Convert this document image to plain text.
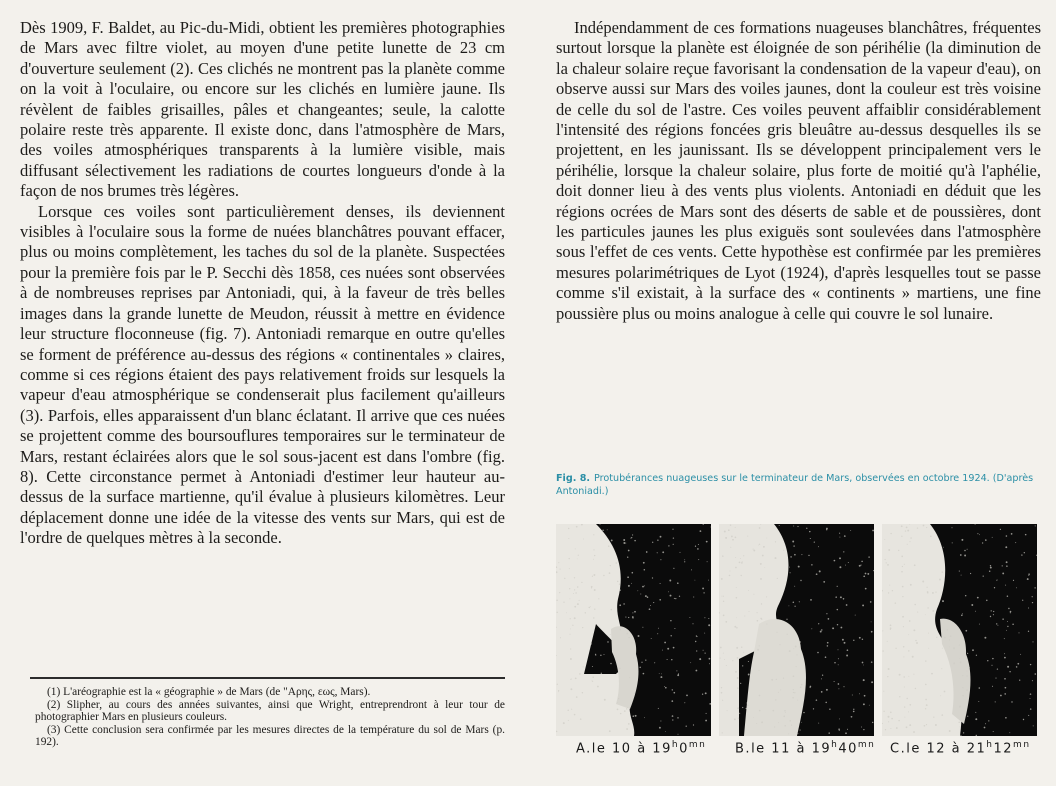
Dès 1909, F. Baldet, au Pic-du-Midi, obtient les premières photographies de Mars avec filtre violet, au moyen d'une petite lunette de 23 cm d'ouverture seulement (2). Ces clichés ne montrent pas la planète comme on la voit à l'oculaire, ou encore sur les clichés en lumière jaune. Ils révèlent de faibles grisailles, pâles et changeantes; seule, la calotte polaire reste très apparente. Il existe donc, dans l'atmosphère de Mars, des voiles atmosphériques transparents à la lumière visible, mais diffusant sélectivement les radiations de courtes longueurs d'onde à la façon de nos brumes très légères.

Lorsque ces voiles sont particulièrement denses, ils deviennent visibles à l'oculaire sous la forme de nuées blanchâtres pouvant effacer, plus ou moins complètement, les taches du sol de la planète. Suspectées pour la première fois par le P. Secchi dès 1858, ces nuées sont observées à de nombreuses reprises par Antoniadi, qui, à la faveur de très belles images dans la grande lunette de Meudon, réussit à mettre en évidence leur structure floconneuse (fig. 7). Antoniadi remarque en outre qu'elles se forment de préférence au-dessus des régions « continentales » claires, comme si ces régions étaient des pays relativement froids sur lesquels la vapeur d'eau atmosphérique se condenserait plus facilement qu'ailleurs (3). Parfois, elles apparaissent d'un blanc éclatant. Il arrive que ces nuées se projettent comme des boursouflures temporaires sur le terminateur de Mars, restant éclairées alors que le sol sous-jacent est dans l'ombre (fig. 8). Cette circonstance permet à Antoniadi d'estimer leur hauteur au-dessus de la surface martienne, qu'il évalue à plusieurs kilomètres. Leur déplacement donne une idée de la vitesse des vents sur Mars, qui est de l'ordre de quelques mètres à la seconde.

(1) L'aréographie est la « géographie » de Mars (de "Αρης, εως, Mars).

(2) Slipher, au cours des années suivantes, ainsi que Wright, entreprendront à leur tour de photographier Mars en plusieurs couleurs.

(3) Cette conclusion sera confirmée par les mesures directes de la température du sol de Mars (p. 192).

Indépendamment de ces formations nuageuses blanchâtres, fréquentes surtout lorsque la planète est éloignée de son périhélie (la diminution de la chaleur solaire reçue favorisant la condensation de la vapeur d'eau), on observe aussi sur Mars des voiles jaunes, dont la couleur est très voisine de celle du sol de l'astre. Ces voiles peuvent affaiblir considérablement l'intensité des régions foncées gris bleuâtre au-dessus desquelles ils se projettent, en les jaunissant. Ils se développent principalement vers le périhélie, lorsque la chaleur solaire, plus forte de moitié qu'à l'aphélie, doit donner lieu à des vents plus violents. Antoniadi en déduit que les régions ocrées de Mars sont des déserts de sable et de poussières, dont les particules jaunes les plus exiguës sont soulevées dans l'atmosphère sous l'effet de ces vents. Cette hypothèse est confirmée par les premières mesures polarimétriques de Lyot (1924), d'après lesquelles tout se passe comme s'il existait, à la surface des « continents » martiens, une fine poussière plus ou moins analogue à celle qui couvre le sol lunaire.

Fig. 8. Protubérances nuageuses sur le terminateur de Mars, observées en octobre 1924. (D'après Antoniadi.)
A.le 10 à $19^h0^{mn}$ B.le 11 à $19^h40^{mn}$ C.le 12 à $21^h12^{mn}$
